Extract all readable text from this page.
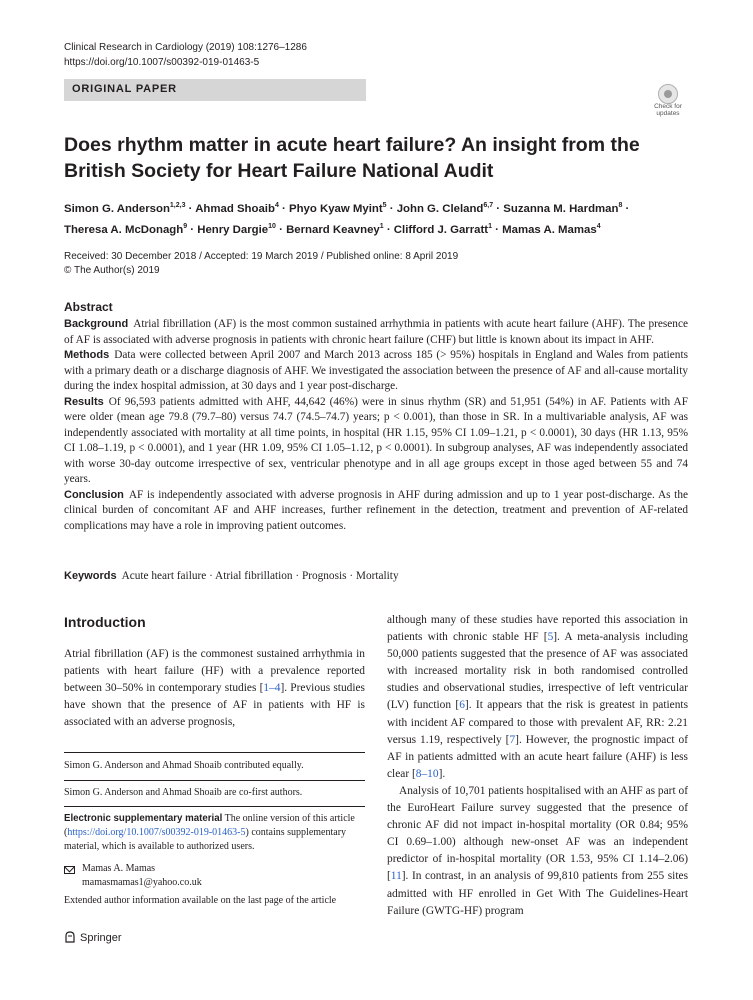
Clinical Research in Cardiology (2019) 108:1276–1286
https://doi.org/10.1007/s00392-019-01463-5
ORIGINAL PAPER
Check for
updates
Does rhythm matter in acute heart failure? An insight from the British Society for Heart Failure National Audit
Simon G. Anderson$^{1,2,3}$ · Ahmad Shoaib$^4$ · Phyo Kyaw Myint$^5$ · John G. Cleland$^{6,7}$ · Suzanna M. Hardman$^8$ ·
Theresa A. McDonagh$^9$ · Henry Dargie$^{10}$ · Bernard Keavney$^1$ · Clifford J. Garratt$^1$ · Mamas A. Mamas$^4$
Received: 30 December 2018 / Accepted: 19 March 2019 / Published online: 8 April 2019
© The Author(s) 2019
Abstract

Background Atrial fibrillation (AF) is the most common sustained arrhythmia in patients with acute heart failure (AHF). The presence of AF is associated with adverse prognosis in patients with chronic heart failure (CHF) but little is known about its impact in AHF.

Methods Data were collected between April 2007 and March 2013 across 185 (> 95%) hospitals in England and Wales from patients with a primary death or a discharge diagnosis of AHF. We investigated the association between the presence of AF and all-cause mortality during the index hospital admission, at 30 days and 1 year post-discharge.

Results Of 96,593 patients admitted with AHF, 44,642 (46%) were in sinus rhythm (SR) and 51,951 (54%) in AF. Patients with AF were older (mean age 79.8 (79.7–80) versus 74.7 (74.5–74.7) years; p < 0.001), than those in SR. In a multivariable analysis, AF was independently associated with mortality at all time points, in hospital (HR 1.15, 95% CI 1.09–1.21, p < 0.0001), 30 days (HR 1.13, 95% CI 1.08–1.19, p < 0.0001), and 1 year (HR 1.09, 95% CI 1.05–1.12, p < 0.0001). In subgroup analyses, AF was independently associated with worse 30-day outcome irrespective of sex, ventricular phenotype and in all age groups except in those aged between 55 and 74 years.

Conclusion AF is independently associated with adverse prognosis in AHF during admission and up to 1 year post-discharge. As the clinical burden of concomitant AF and AHF increases, further refinement in the detection, treatment and prevention of AF-related complications may have a role in improving patient outcomes.

Keywords Acute heart failure · Atrial fibrillation · Prognosis · Mortality
Introduction

Atrial fibrillation (AF) is the commonest sustained arrhythmia in patients with heart failure (HF) with a prevalence reported between 30–50% in contemporary studies [1–4]. Previous studies have shown that the presence of AF in patients with HF is associated with an adverse prognosis,

although many of these studies have reported this association in patients with chronic stable HF [5]. A meta-analysis including 50,000 patients suggested that the presence of AF was associated with increased mortality risk in both randomised controlled studies and observational studies, irrespective of left ventricular (LV) function [6]. It appears that the risk is greatest in patients with incident AF compared to those with prevalent AF, RR: 2.21 versus 1.19, respectively [7]. However, the prognostic impact of AF in patients admitted with an acute heart failure (AHF) is less clear [8–10].

Analysis of 10,701 patients hospitalised with an AHF as part of the EuroHeart Failure survey suggested that the presence of chronic AF did not impact in-hospital mortality (OR 0.84; 95% CI 0.69–1.00) although new-onset AF was an independent predictor of in-hospital mortality (OR 1.53, 95% CI 1.14–2.06) [11]. In contrast, in an analysis of 99,810 patients from 255 sites admitted with HF enrolled in Get With The Guidelines-Heart Failure (GWTG-HF) program

Simon G. Anderson and Ahmad Shoaib contributed equally.
Simon G. Anderson and Ahmad Shoaib are co-first authors.
Electronic supplementary material The online version of this article (https://doi.org/10.1007/s00392-019-01463-5) contains supplementary material, which is available to authorized users.
Mamas A. Mamas
mamasmamas1@yahoo.co.uk
Extended author information available on the last page of the article
Springer
